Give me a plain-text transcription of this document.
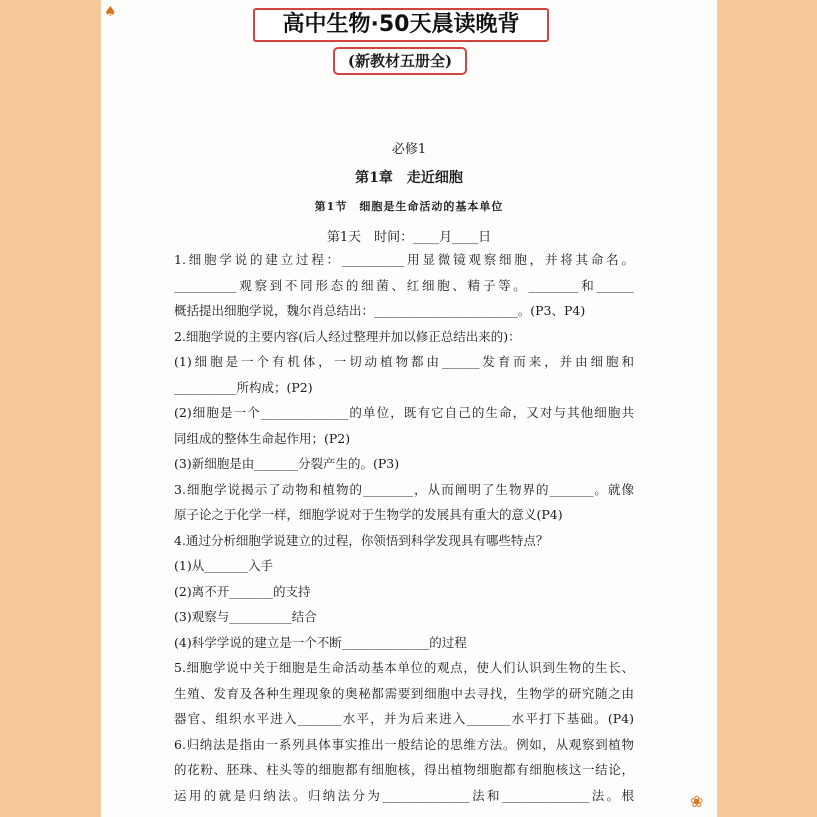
高中生物·50天晨读晚背
(新教材五册全)
必修1
第1章　走近细胞
第1节　细胞是生命活动的基本单位
第1天　时间：____月____日
1.细胞学说的建立过程：__________用显微镜观察细胞，并将其命名。
__________观察到不同形态的细菌、红细胞、精子等。________和______
概括提出细胞学说，魏尔肖总结出：_______________________。(P3、P4)
2.细胞学说的主要内容(后人经过整理并加以修正总结出来的)：
(1)细胞是一个有机体，一切动植物都由______发育而来，并由细胞和
__________所构成；(P2)
(2)细胞是一个______________的单位，既有它自己的生命，又对与其他细胞共
同组成的整体生命起作用；(P2)
(3)新细胞是由_______分裂产生的。(P3)
3.细胞学说揭示了动物和植物的________，从而阐明了生物界的_______。就像
原子论之于化学一样，细胞学说对于生物学的发展具有重大的意义(P4)
4.通过分析细胞学说建立的过程，你领悟到科学发现具有哪些特点？
(1)从_______入手
(2)离不开_______的支持
(3)观察与__________结合
(4)科学学说的建立是一个不断______________的过程
5.细胞学说中关于细胞是生命活动基本单位的观点，使人们认识到生物的生长、
生殖、发育及各种生理现象的奥秘都需要到细胞中去寻找，生物学的研究随之由
器官、组织水平进入_______水平，并为后来进入_______水平打下基础。(P4)
6.归纳法是指由一系列具体事实推出一般结论的思维方法。例如，从观察到植物
的花粉、胚珠、柱头等的细胞都有细胞核，得出植物细胞都有细胞核这一结论，
运用的就是归纳法。归纳法分为______________法和______________法。根
♠
❀
